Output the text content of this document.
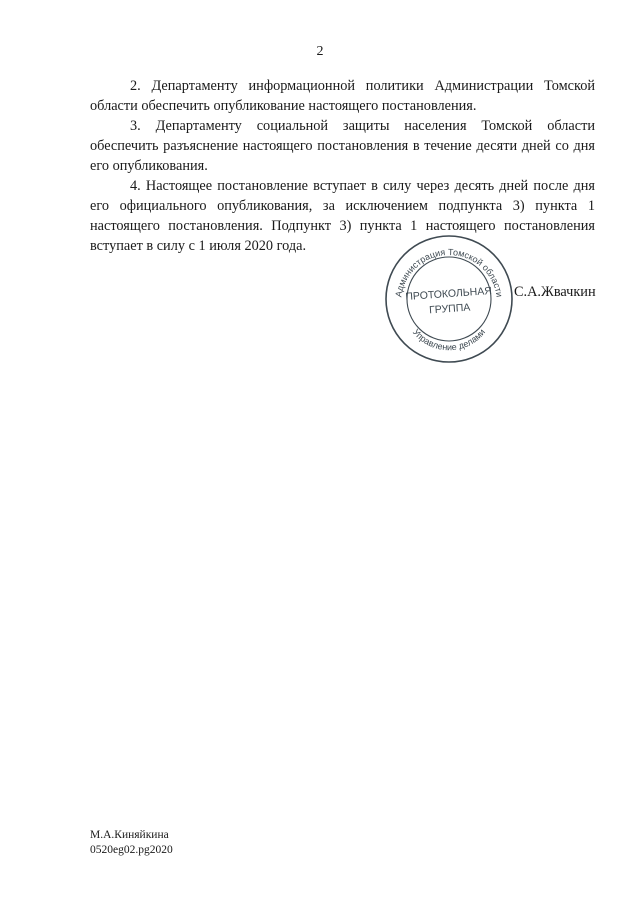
2

2. Департаменту информационной политики Администрации Томской области обеспечить опубликование настоящего постановления.

3. Департаменту социальной защиты населения Томской области обеспечить разъяснение настоящего постановления в течение десяти дней со дня его опубликования.

4. Настоящее постановление вступает в силу через десять дней после дня его официального опубликования, за исключением подпункта 3) пункта 1 настоящего постановления. Подпункт 3) пункта 1 настоящего постановления вступает в силу с 1 июля 2020 года.

Администрация Томской области
Управление делами
ПРОТОКОЛЬНАЯ
ГРУППА
С.А.Жвачкин
М.А.Киняйкина
0520eg02.pg2020
